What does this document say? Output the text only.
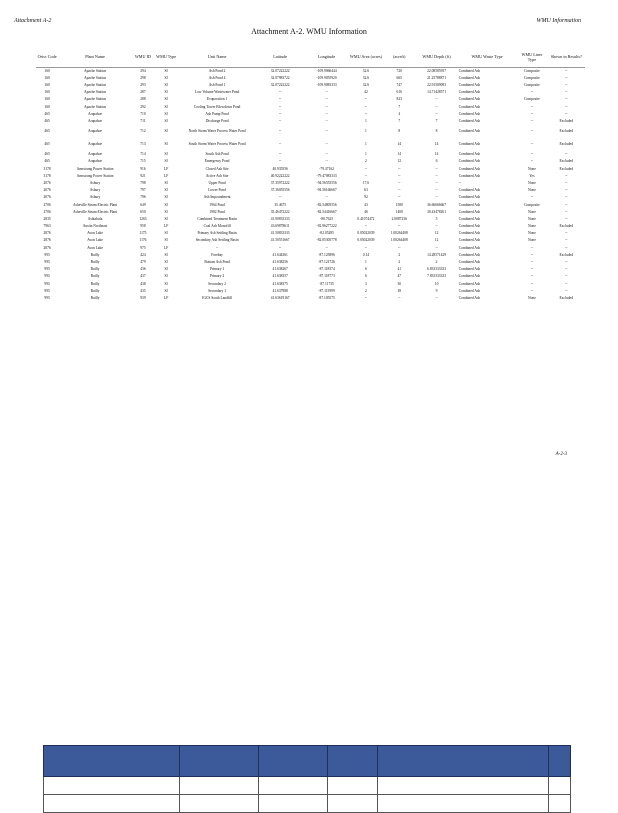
Attachment A-2	WMU Information
Attachment A-2. WMU Information
Orisc Code	Plant Name	WMU ID	WMU Type	Unit Name	Latitude	Longitude	WMU Area (acres)	(acreft)	WMU Depth (ft)	WMU Waste Type	WMU Liner Type	Shown in Results?
160	Apache Station	294	SI	Ash Pond 2	32.07222222	-109.9066444	32.6	720	22.08585957	Combined Ash	Composite	--
160	Apache Station	298	SI	Ash Pond 4	32.07983722	-109.9055920	32.6	665	21.25788871	Combined Ash	Composite	--
160	Apache Station	293	SI	Ash Pond 1	32.07222222	-109.9083333	32.6	747	22.91509093	Combined Ash	Composite	--
160	Apache Station	287	SI	Low Volume Wastewater Pond	--	--	42	616	14.71428571	Combined Ash	--	--
160	Apache Station	288	SI	Evaporation 1	--	--	--	823	--	Combined Ash	Composite	--
160	Apache Station	292	SI	Cooling Tower Blowdown Pond	--	--	--	7	--	Combined Ash	--	--
465	Arapahoe	710	SI	Ash Pump Pond	--	--	--	4	--	Combined Ash	--	--
465	Arapahoe	711	SI	Discharge Pond	--	--	1	7	7	Combined Ash	--	Excluded
465	Arapahoe	712	SI	North Storm Water Process Water Pond	--	--	1	8	8	Combined Ash	--	Excluded
465	Arapahoe	713	SI	South Storm Water Process Water Pond	--	--	1	14	14	Combined Ash	--	Excluded
465	Arapahoe	714	SI	South Ash Pond	--	--	1	14	14	Combined Ash	--	--
465	Arapahoe	715	SI	Emergency Pond	--	--	2	12	6	Combined Ash	--	Excluded
3178	Armstrong Power Station	916	LF	Closed Ash Site	40.935556	-79.47162	--	--	--	Combined Ash	None	Excluded
3178	Armstrong Power Station	921	LF	Active Ash Site	40.92222222	-79.47083333	--	--	--	Combined Ash	Yes	--
2076	Asbury	798	SI	Upper Pond	37.35972222	-94.56555556	17.6	--	--	--	None	--
2076	Asbury	797	SI	Lower Pond	37.36055556	-94.56166667	63	--	--	Combined Ash	None	--
2076	Asbury	796	SI	Ash Impoundment	--	--	92	--	--	Combined Ash	--	--
2706	Asheville Steam Electric Plant	649	SI	1964 Pond	35.4675	-82.54805556	43	1580	36.66666667	Combined Ash	Composite	--
2706	Asheville Steam Electric Plant	650	SI	1982 Pond	35.46472222	-82.54416667	46	1400	30.43478261	Combined Ash	None	--
2835	Ashtabula	1263	SI	Combined Treatment Basin	41.90833333	-80.7625	0.41074472	2.0087236	5	Combined Ash	None	--
7963	Austin Northeast	958	LF	Coal Ash Monofill	43.69878611	-92.96277222	--	--	--	Combined Ash	None	Excluded
2876	Avon Lake	1175	SI	Primary Ash Settling Basin	41.50833333	-82.05285	0.05022039	1.00264408	12	Combined Ash	None	--
2876	Avon Lake	1176	SI	Secondary Ash Settling Basin	41.50551667	-82.05305778	0.05022039	1.00264408	12	Combined Ash	None	--
2876	Avon Lake	975	LF	--	--	--	--	--	--	Combined Ash	--	--
995	Bailly	424	SI	Forebay	41.644361	-87.125896	0.14	2	14.28571429	Combined Ash	--	Excluded
995	Bailly	479	SI	Bottom Ash Pond	41.638256	-87.121726	1	2	2	Combined Ash	--	--
995	Bailly	436	SI	Primary 1	41.638267	-87.118574	6	41	6.833333333	Combined Ash	--	--
995	Bailly	437	SI	Primary 2	41.638357	-87.118773	6	47	7.833333333	Combined Ash	--	--
995	Bailly	438	SI	Secondary 2	41.638375	-87.11735	3	30	10	Combined Ash	--	--
995	Bailly	435	SI	Secondary 1	41.637988	-87.115999	2	18	9	Combined Ash	--	--
995	Bailly	939	LF	IGCS South Landfill	41.63619167	-87.105575	--	--	--	Combined Ash	None	Excluded
A-2-3
